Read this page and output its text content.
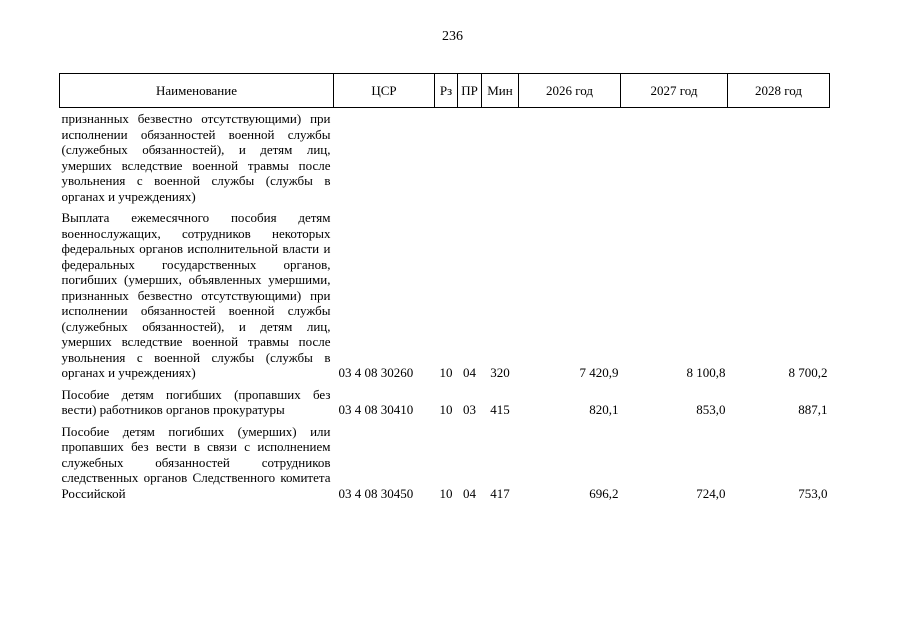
236
Наименование	ЦСР	Рз	ПР	Мин	2026 год	2027 год	2028 год
признанных безвестно отсутствующими) при исполнении обязанностей военной службы (служебных обязанностей), и детям лиц, умерших вследствие военной травмы после увольнения с военной службы (службы в органах и учреждениях)							
Выплата ежемесячного пособия детям военнослужащих, сотрудников некоторых федеральных органов исполнительной власти и федеральных государственных органов, погибших (умерших, объявленных умершими, признанных безвестно отсутствующими) при исполнении обязанностей военной службы (служебных обязанностей), и детям лиц, умерших вследствие военной травмы после увольнения с военной службы (службы в органах и учреждениях)	03 4 08 30260	10	04	320	7 420,9	8 100,8	8 700,2
Пособие детям погибших (пропавших без вести) работников органов прокуратуры	03 4 08 30410	10	03	415	820,1	853,0	887,1
Пособие детям погибших (умерших) или пропавших без вести в связи с исполнением служебных обязанностей сотрудников следственных органов Следственного комитета Российской	03 4 08 30450	10	04	417	696,2	724,0	753,0
